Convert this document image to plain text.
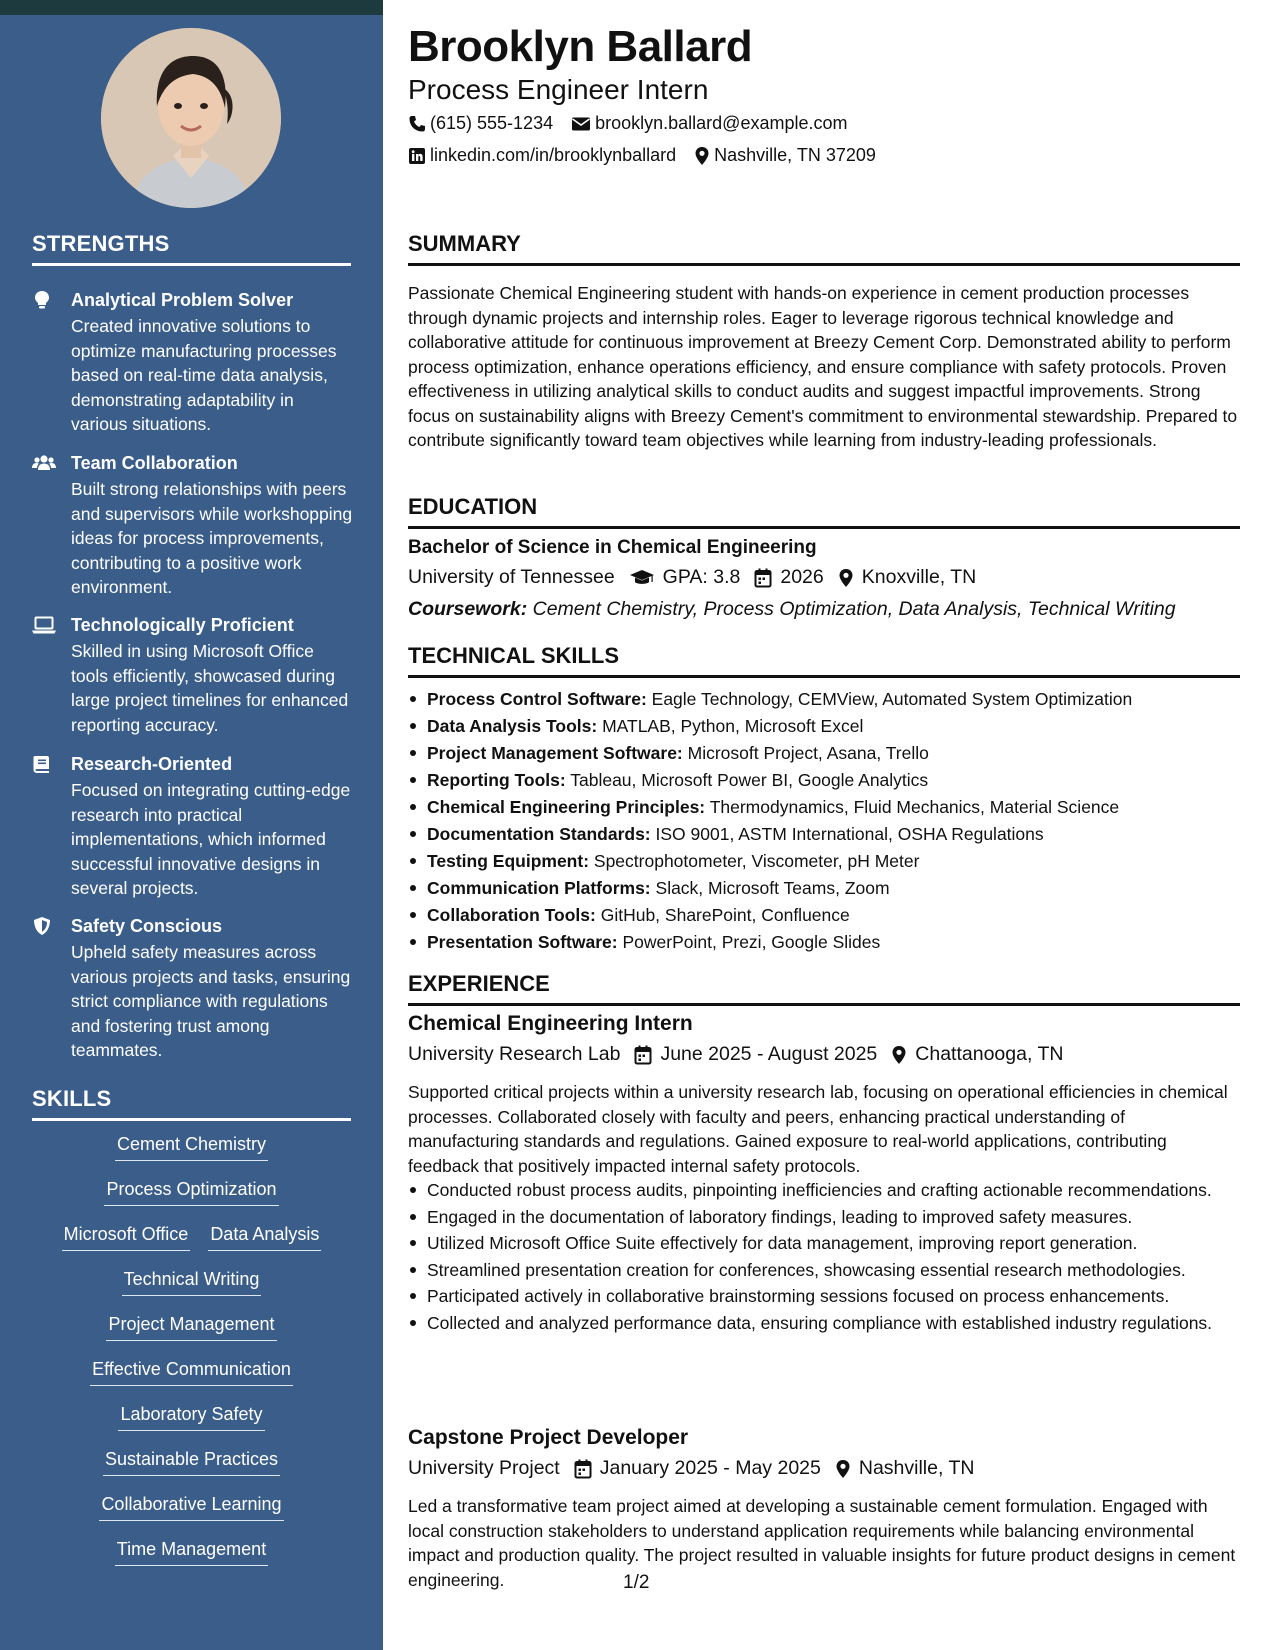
STRENGTHS
Analytical Problem Solver
Created innovative solutions to optimize manufacturing processes based on real-time data analysis, demonstrating adaptability in various situations.
Team Collaboration
Built strong relationships with peers and supervisors while workshopping ideas for process improvements, contributing to a positive work environment.
Technologically Proficient
Skilled in using Microsoft Office tools efficiently, showcased during large project timelines for enhanced reporting accuracy.
Research-Oriented
Focused on integrating cutting-edge research into practical implementations, which informed successful innovative designs in several projects.
Safety Conscious
Upheld safety measures across various projects and tasks, ensuring strict compliance with regulations and fostering trust among teammates.
SKILLS
Cement Chemistry
Process Optimization
Microsoft Office Data Analysis
Technical Writing
Project Management
Effective Communication
Laboratory Safety
Sustainable Practices
Collaborative Learning
Time Management
Brooklyn Ballard
Process Engineer Intern
(615) 555-1234 brooklyn.ballard@example.com
linkedin.com/in/brooklynballard Nashville, TN 37209
SUMMARY
Passionate Chemical Engineering student with hands-on experience in cement production processes through dynamic projects and internship roles. Eager to leverage rigorous technical knowledge and collaborative attitude for continuous improvement at Breezy Cement Corp. Demonstrated ability to perform process optimization, enhance operations efficiency, and ensure compliance with safety protocols. Proven effectiveness in utilizing analytical skills to conduct audits and suggest impactful improvements. Strong focus on sustainability aligns with Breezy Cement's commitment to environmental stewardship. Prepared to contribute significantly toward team objectives while learning from industry-leading professionals.
EDUCATION
Bachelor of Science in Chemical Engineering
University of Tennessee GPA: 3.8 2026 Knoxville, TN
Coursework: Cement Chemistry, Process Optimization, Data Analysis, Technical Writing
TECHNICAL SKILLS
Process Control Software: Eagle Technology, CEMView, Automated System Optimization
Data Analysis Tools: MATLAB, Python, Microsoft Excel
Project Management Software: Microsoft Project, Asana, Trello
Reporting Tools: Tableau, Microsoft Power BI, Google Analytics
Chemical Engineering Principles: Thermodynamics, Fluid Mechanics, Material Science
Documentation Standards: ISO 9001, ASTM International, OSHA Regulations
Testing Equipment: Spectrophotometer, Viscometer, pH Meter
Communication Platforms: Slack, Microsoft Teams, Zoom
Collaboration Tools: GitHub, SharePoint, Confluence
Presentation Software: PowerPoint, Prezi, Google Slides
EXPERIENCE
Chemical Engineering Intern
University Research Lab June 2025 - August 2025 Chattanooga, TN
Supported critical projects within a university research lab, focusing on operational efficiencies in chemical processes. Collaborated closely with faculty and peers, enhancing practical understanding of manufacturing standards and regulations. Gained exposure to real-world applications, contributing feedback that positively impacted internal safety protocols.
Conducted robust process audits, pinpointing inefficiencies and crafting actionable recommendations.
Engaged in the documentation of laboratory findings, leading to improved safety measures.
Utilized Microsoft Office Suite effectively for data management, improving report generation.
Streamlined presentation creation for conferences, showcasing essential research methodologies.
Participated actively in collaborative brainstorming sessions focused on process enhancements.
Collected and analyzed performance data, ensuring compliance with established industry regulations.
Capstone Project Developer
University Project January 2025 - May 2025 Nashville, TN
Led a transformative team project aimed at developing a sustainable cement formulation. Engaged with local construction stakeholders to understand application requirements while balancing environmental impact and production quality. The project resulted in valuable insights for future product designs in cement engineering.	1/2
